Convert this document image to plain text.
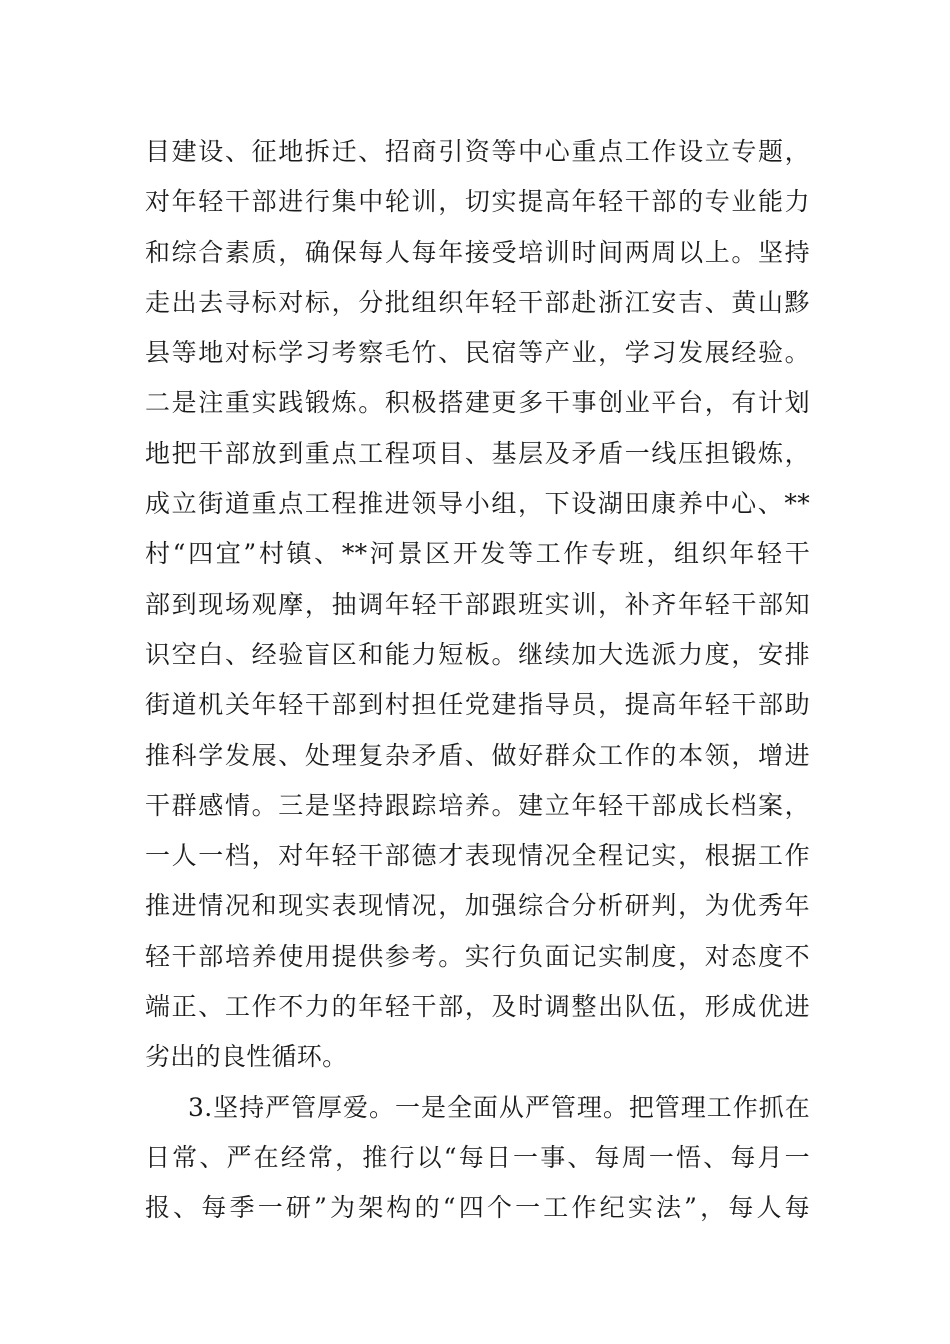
目建设、征地拆迁、招商引资等中心重点工作设立专题，
对年轻干部进行集中轮训，切实提高年轻干部的专业能力
和综合素质，确保每人每年接受培训时间两周以上。坚持
走出去寻标对标，分批组织年轻干部赴浙江安吉、黄山黟
县等地对标学习考察毛竹、民宿等产业，学习发展经验。
二是注重实践锻炼。积极搭建更多干事创业平台，有计划
地把干部放到重点工程项目、基层及矛盾一线压担锻炼，
成立街道重点工程推进领导小组，下设湖田康养中心、**
村“四宜”村镇、**河景区开发等工作专班，组织年轻干
部到现场观摩，抽调年轻干部跟班实训，补齐年轻干部知
识空白、经验盲区和能力短板。继续加大选派力度，安排
街道机关年轻干部到村担任党建指导员，提高年轻干部助
推科学发展、处理复杂矛盾、做好群众工作的本领，增进
干群感情。三是坚持跟踪培养。建立年轻干部成长档案，
一人一档，对年轻干部德才表现情况全程记实，根据工作
推进情况和现实表现情况，加强综合分析研判，为优秀年
轻干部培养使用提供参考。实行负面记实制度，对态度不
端正、工作不力的年轻干部，及时调整出队伍，形成优进
劣出的良性循环。
3.坚持严管厚爱。一是全面从严管理。把管理工作抓在
日常、严在经常，推行以“每日一事、每周一悟、每月一
报、每季一研”为架构的“四个一工作纪实法”，每人每
